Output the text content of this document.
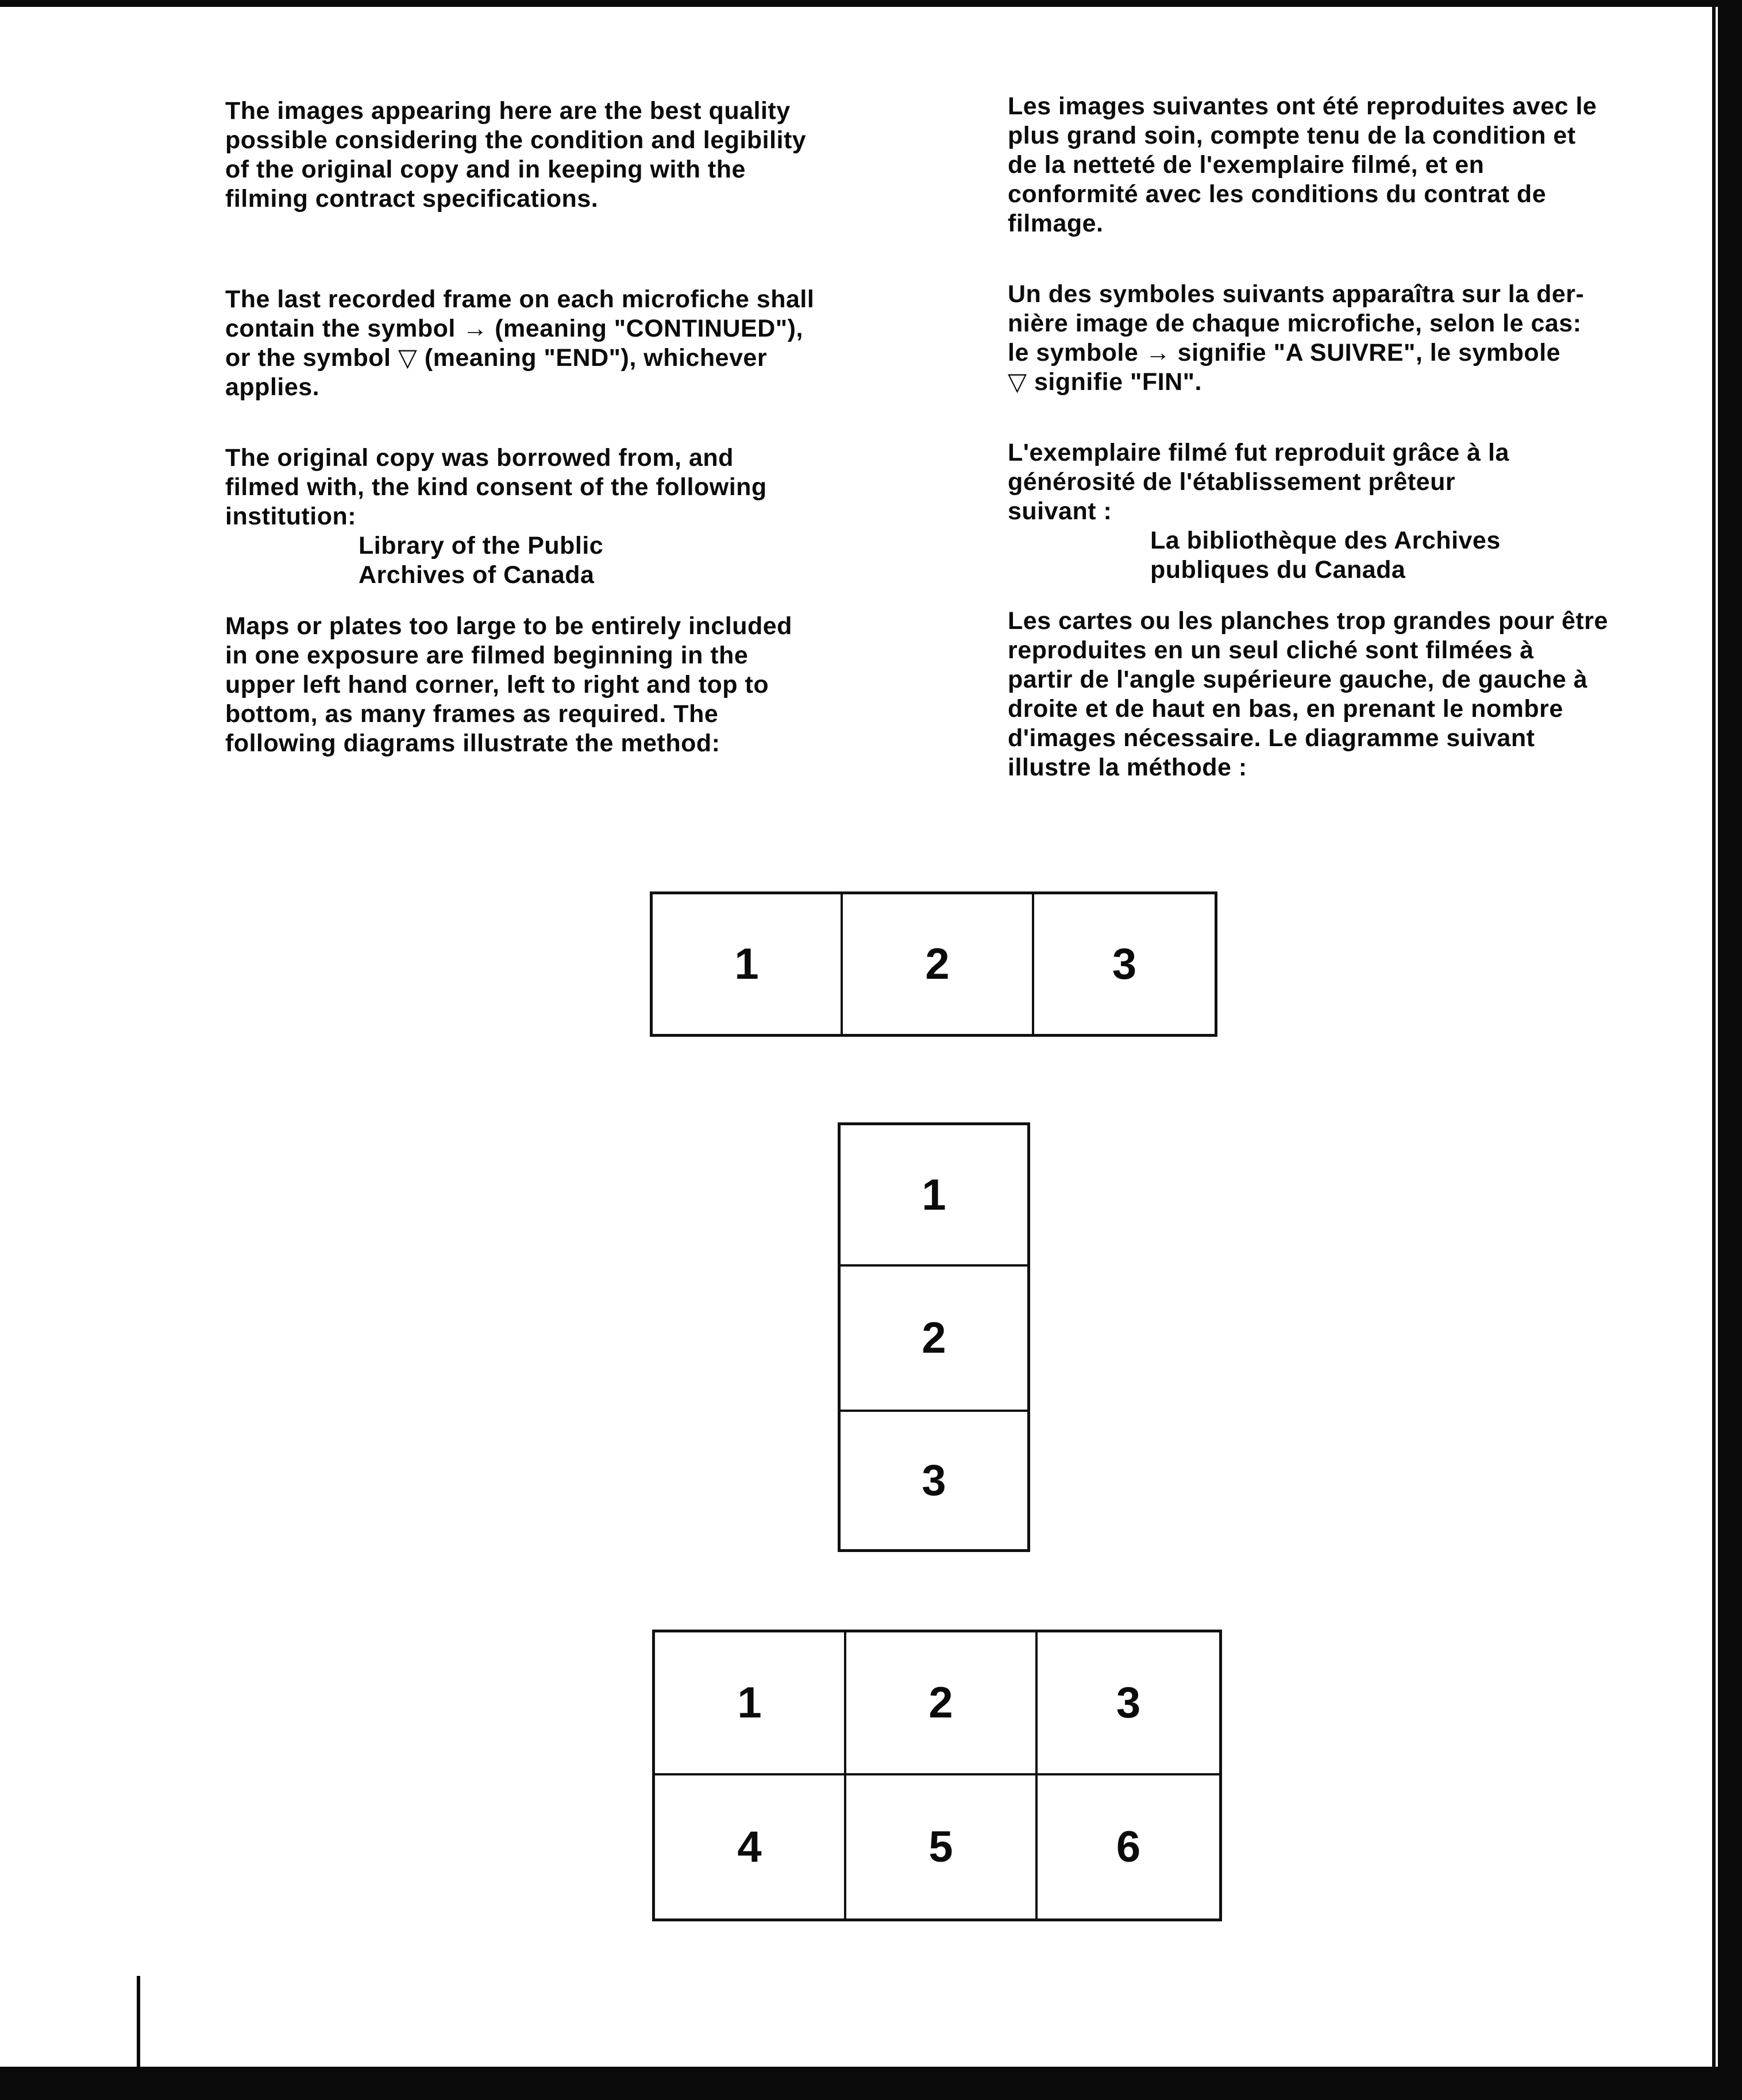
The images appearing here are the best quality

possible considering the condition and legibility

of the original copy and in keeping with the

filming contract specifications.

The last recorded frame on each microfiche shall

contain the symbol → (meaning "CONTINUED"),

or the symbol ▽ (meaning "END"), whichever

applies.

The original copy was borrowed from, and

filmed with, the kind consent of the following

institution:

Library of the Public

Archives of Canada

Maps or plates too large to be entirely included

in one exposure are filmed beginning in the

upper left hand corner, left to right and top to

bottom, as many frames as required. The

following diagrams illustrate the method:

Les images suivantes ont été reproduites avec le

plus grand soin, compte tenu de la condition et

de la netteté de l'exemplaire filmé, et en

conformité avec les conditions du contrat de

filmage.

Un des symboles suivants apparaîtra sur la der-

nière image de chaque microfiche, selon le cas:

le symbole → signifie "A SUIVRE", le symbole

▽ signifie "FIN".

L'exemplaire filmé fut reproduit grâce à la

générosité de l'établissement prêteur

suivant :

La bibliothèque des Archives

publiques du Canada

Les cartes ou les planches trop grandes pour être

reproduites en un seul cliché sont filmées à

partir de l'angle supérieure gauche, de gauche à

droite et de haut en bas, en prenant le nombre

d'images nécessaire. Le diagramme suivant

illustre la méthode :

1	2	3
1
2
3
1	2	3
4	5	6
